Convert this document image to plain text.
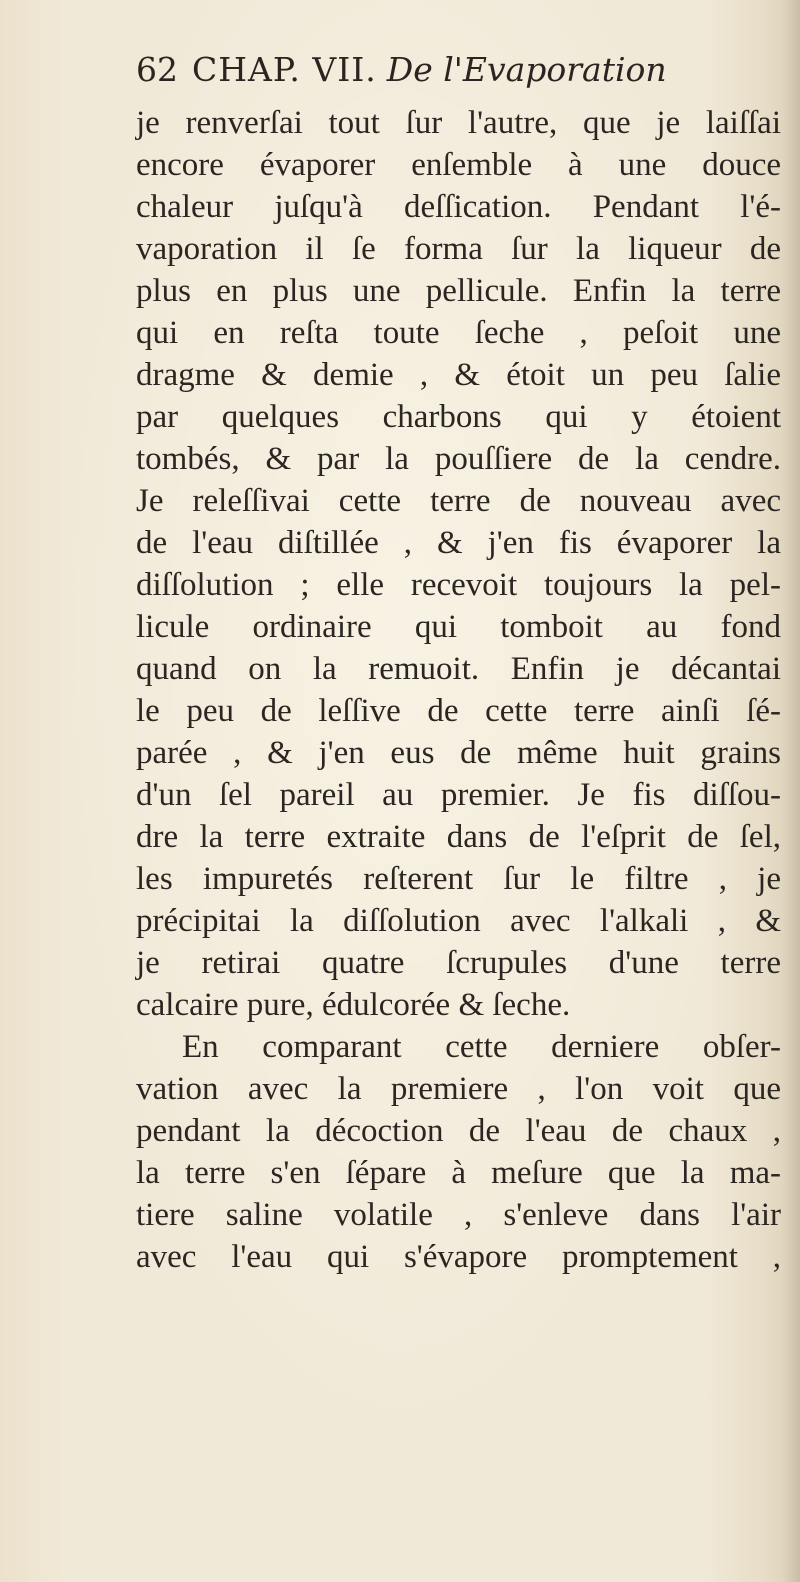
62 CHAP. VII. De l'Evaporation
je renverſai tout ſur l'autre, que je laiſſai
encore évaporer enſemble à une douce
chaleur juſqu'à deſſication. Pendant l'é-
vaporation il ſe forma ſur la liqueur de
plus en plus une pellicule. Enfin la terre
qui en reſta toute ſeche , peſoit une
dragme & demie , & étoit un peu ſalie
par quelques charbons qui y étoient
tombés, & par la pouſſiere de la cendre.
Je releſſivai cette terre de nouveau avec
de l'eau diſtillée , & j'en fis évaporer la
diſſolution ; elle recevoit toujours la pel-
licule ordinaire qui tomboit au fond
quand on la remuoit. Enfin je décantai
le peu de leſſive de cette terre ainſi ſé-
parée , & j'en eus de même huit grains
d'un ſel pareil au premier. Je fis diſſou-
dre la terre extraite dans de l'eſprit de ſel,
les impuretés reſterent ſur le filtre , je
précipitai la diſſolution avec l'alkali , &
je retirai quatre ſcrupules d'une terre
calcaire pure, édulcorée & ſeche.
En comparant cette derniere obſer-
vation avec la premiere , l'on voit que
pendant la décoction de l'eau de chaux ,
la terre s'en ſépare à meſure que la ma-
tiere saline volatile , s'enleve dans l'air
avec l'eau qui s'évapore promptement ,
